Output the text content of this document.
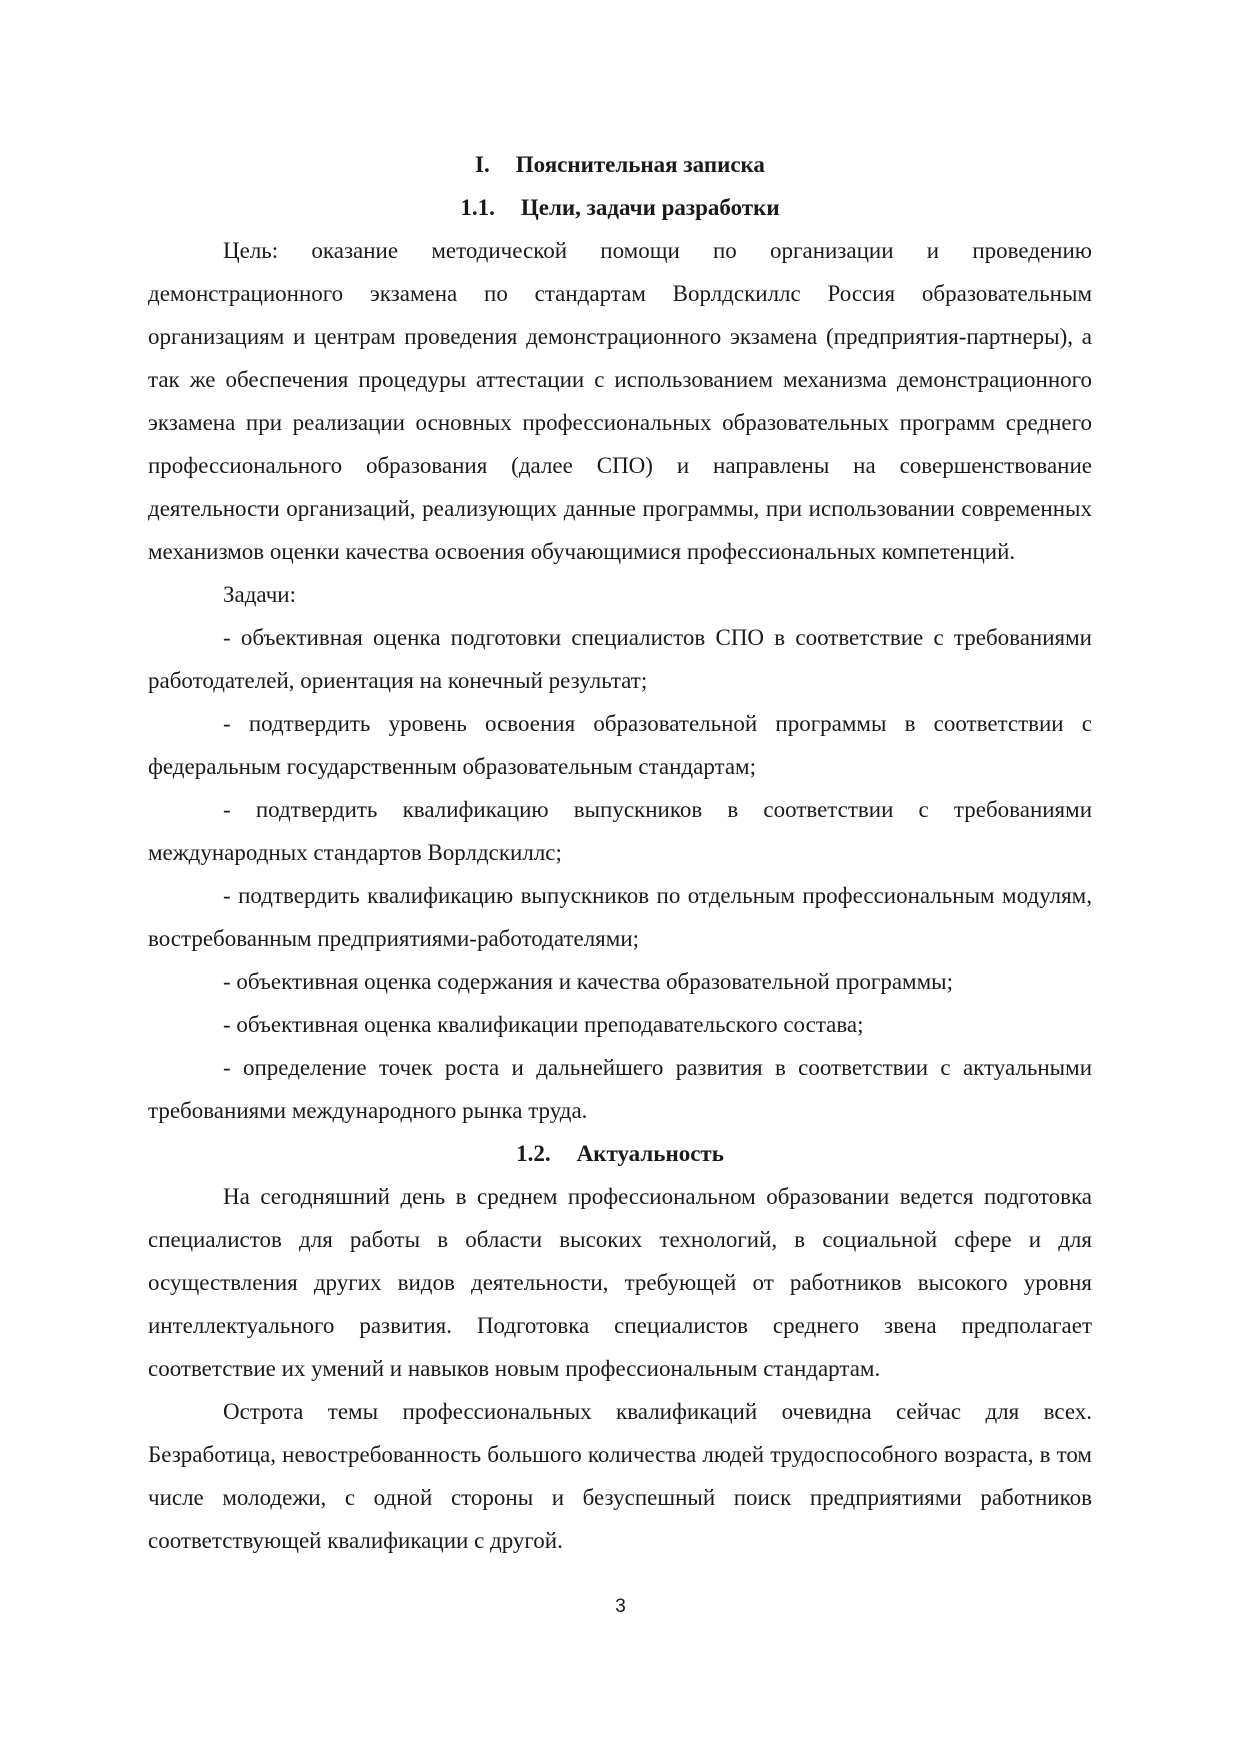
I. Пояснительная записка
1.1. Цели, задачи разработки

Цель: оказание методической помощи по организации и проведению демонстрационного экзамена по стандартам Ворлдскиллс Россия образовательным организациям и центрам проведения демонстрационного экзамена (предприятия-партнеры), а так же обеспечения процедуры аттестации с использованием механизма демонстрационного экзамена при реализации основных профессиональных образовательных программ среднего профессионального образования (далее СПО) и направлены на совершенствование деятельности организаций, реализующих данные программы, при использовании современных механизмов оценки качества освоения обучающимися профессиональных компетенций.

Задачи:

- объективная оценка подготовки специалистов СПО в соответствие с требованиями работодателей, ориентация на конечный результат;

- подтвердить уровень освоения образовательной программы в соответствии с федеральным государственным образовательным стандартам;

- подтвердить квалификацию выпускников в соответствии с требованиями международных стандартов Ворлдскиллс;

- подтвердить квалификацию выпускников по отдельным профессиональным модулям, востребованным предприятиями-работодателями;

- объективная оценка содержания и качества образовательной программы;

- объективная оценка квалификации преподавательского состава;

- определение точек роста и дальнейшего развития в соответствии с актуальными требованиями международного рынка труда.

1.2. Актуальность

На сегодняшний день в среднем профессиональном образовании ведется подготовка специалистов для работы в области высоких технологий, в социальной сфере и для осуществления других видов деятельности, требующей от работников высокого уровня интеллектуального развития. Подготовка специалистов среднего звена предполагает соответствие их умений и навыков новым профессиональным стандартам.

Острота темы профессиональных квалификаций очевидна сейчас для всех. Безработица, невостребованность большого количества людей трудоспособного возраста, в том числе молодежи, с одной стороны и безуспешный поиск предприятиями работников соответствующей квалификации с другой.

3
